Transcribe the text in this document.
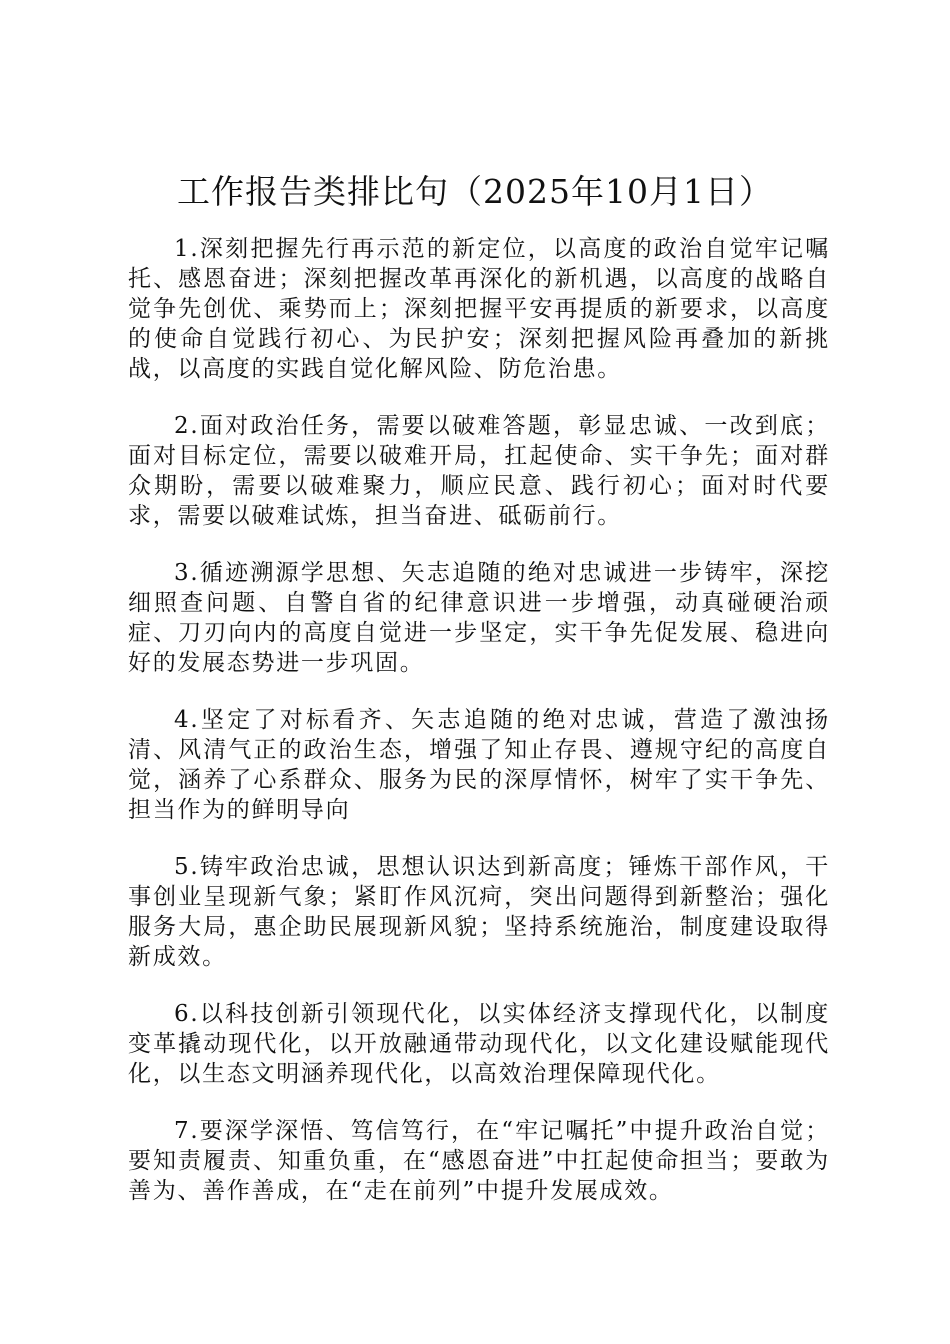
工作报告类排比句（2025年10月1日）

1.深刻把握先行再示范的新定位，以高度的政治自觉牢记嘱托、感恩奋进；深刻把握改革再深化的新机遇，以高度的战略自觉争先创优、乘势而上；深刻把握平安再提质的新要求，以高度的使命自觉践行初心、为民护安；深刻把握风险再叠加的新挑战，以高度的实践自觉化解风险、防危治患。

2.面对政治任务，需要以破难答题，彰显忠诚、一改到底；面对目标定位，需要以破难开局，扛起使命、实干争先；面对群众期盼，需要以破难聚力，顺应民意、践行初心；面对时代要求，需要以破难试炼，担当奋进、砥砺前行。

3.循迹溯源学思想、矢志追随的绝对忠诚进一步铸牢，深挖细照查问题、自警自省的纪律意识进一步增强，动真碰硬治顽症、刀刃向内的高度自觉进一步坚定，实干争先促发展、稳进向好的发展态势进一步巩固。

4.坚定了对标看齐、矢志追随的绝对忠诚，营造了激浊扬清、风清气正的政治生态，增强了知止存畏、遵规守纪的高度自觉，涵养了心系群众、服务为民的深厚情怀，树牢了实干争先、担当作为的鲜明导向

5.铸牢政治忠诚，思想认识达到新高度；锤炼干部作风，干事创业呈现新气象；紧盯作风沉疴，突出问题得到新整治；强化服务大局，惠企助民展现新风貌；坚持系统施治，制度建设取得新成效。

6.以科技创新引领现代化，以实体经济支撑现代化，以制度变革撬动现代化，以开放融通带动现代化，以文化建设赋能现代化，以生态文明涵养现代化，以高效治理保障现代化。

7.要深学深悟、笃信笃行，在“牢记嘱托”中提升政治自觉；要知责履责、知重负重，在“感恩奋进”中扛起使命担当；要敢为善为、善作善成，在“走在前列”中提升发展成效。
